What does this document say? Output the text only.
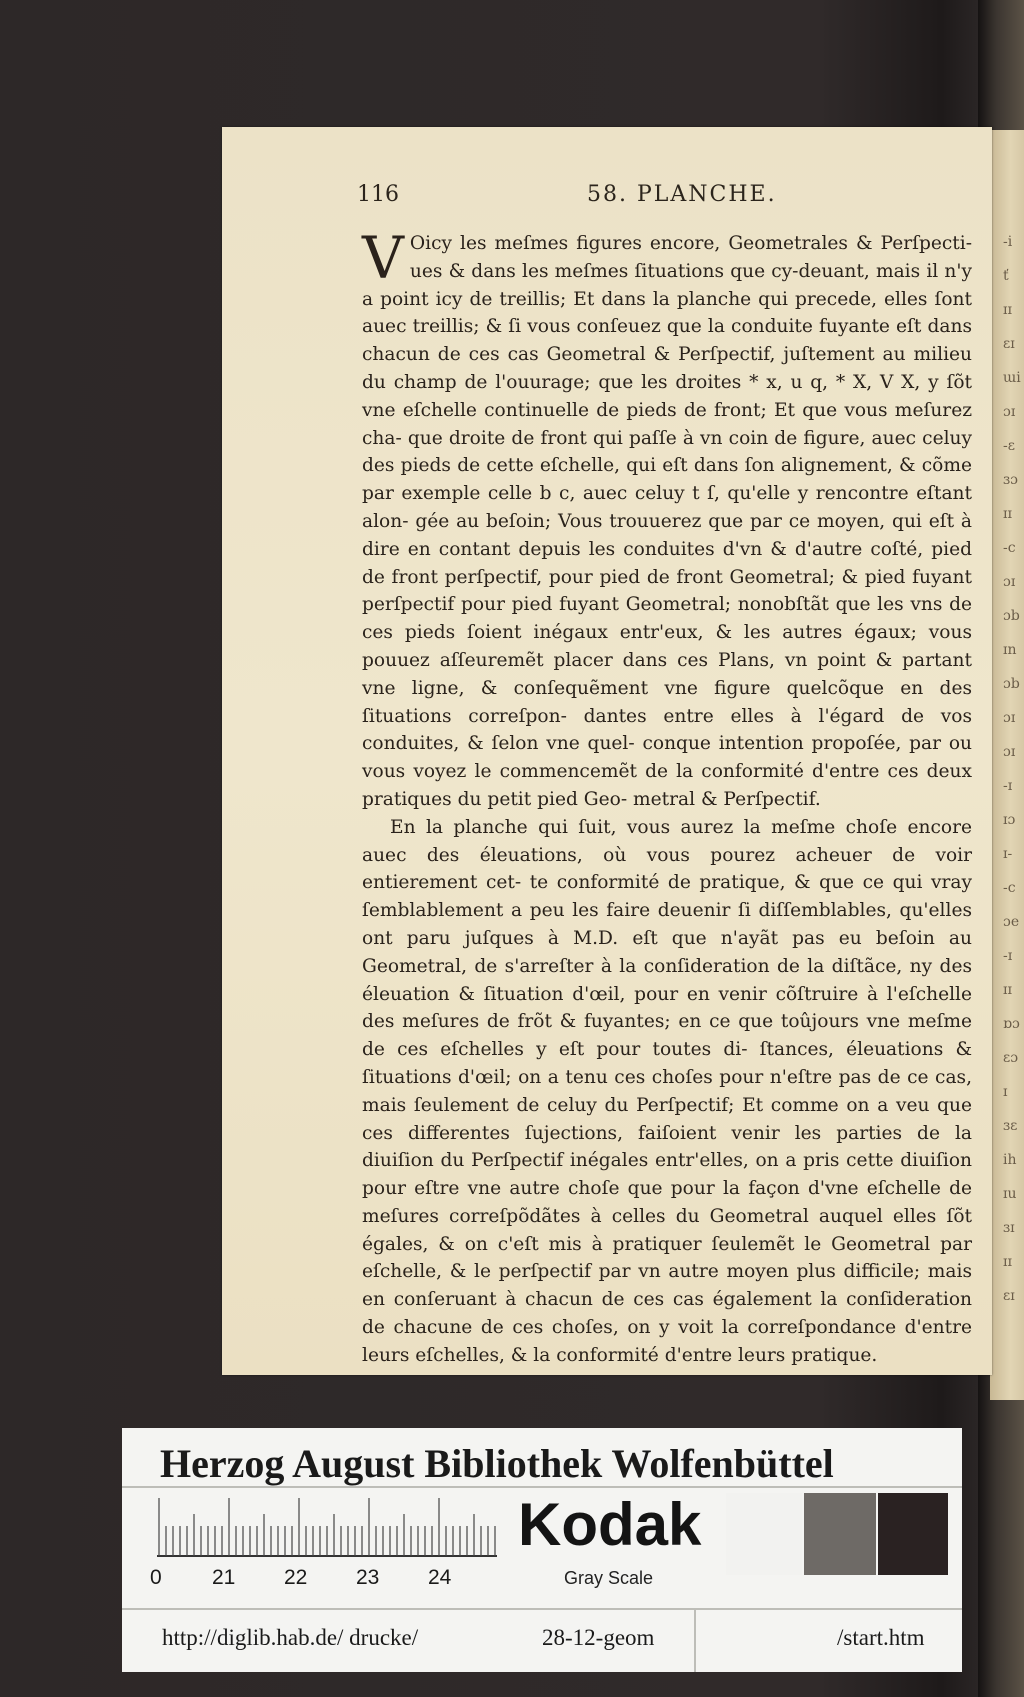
-i
ť
ɪɪ
ɛɪ
ɯi
ɔɪ
-ɛ
ɜɔ
ɪɪ
-c
ɔɪ
ɔb
ɪn
ɔb
ɔɪ
ɔɪ
-ɪ
ɪɔ
ɪ-
-c
ɔe
-ɪ
ɪɪ
ɒɔ
ɛɔ
ɪ
ɜɛ
ih
ɪu
ɜɪ
ɪɪ
ɛɪ
116	58. PLANCHE.

V Oicy les meſmes figures encore, Geometrales & Perſpecti- ues & dans les meſmes ſituations que cy-deuant, mais il n'y a point icy de treillis; Et dans la planche qui precede, elles ſont auec treillis; & ſi vous conſeuez que la conduite fuyante eſt dans chacun de ces cas Geometral & Perſpectif, juſtement au milieu du champ de l'ouurage; que les droites * x, u q, * X, V X, y ſõt vne eſchelle continuelle de pieds de front; Et que vous meſurez cha- que droite de front qui paſſe à vn coin de figure, auec celuy des pieds de cette eſchelle, qui eſt dans ſon alignement, & cõme par exemple celle b c, auec celuy t ſ, qu'elle y rencontre eſtant alon- gée au beſoin; Vous trouuerez que par ce moyen, qui eſt à dire en contant depuis les conduites d'vn & d'autre coſté, pied de front perſpectif, pour pied de front Geometral; & pied fuyant perſpectif pour pied fuyant Geometral; nonobſtãt que les vns de ces pieds ſoient inégaux entr'eux, & les autres égaux; vous pouuez aſſeuremẽt placer dans ces Plans, vn point & partant vne ligne, & conſequẽment vne figure quelcõque en des ſituations correſpon- dantes entre elles à l'égard de vos conduites, & ſelon vne quel- conque intention propoſée, par ou vous voyez le commencemẽt de la conformité d'entre ces deux pratiques du petit pied Geo- metral & Perſpectif.

En la planche qui ſuit, vous aurez la meſme choſe encore auec des éleuations, où vous pourez acheuer de voir entierement cet- te conformité de pratique, & que ce qui vray ſemblablement a peu les faire deuenir ſi diſſemblables, qu'elles ont paru juſques à M.D. eſt que n'ayãt pas eu beſoin au Geometral, de s'arreſter à la conſideration de la diſtãce, ny des éleuation & ſituation d'œil, pour en venir cõſtruire à l'eſchelle des meſures de frõt & fuyantes; en ce que toûjours vne meſme de ces eſchelles y eſt pour toutes di- ſtances, éleuations & ſituations d'œil; on a tenu ces choſes pour n'eſtre pas de ce cas, mais ſeulement de celuy du Perſpectif; Et comme on a veu que ces differentes ſujections, faiſoient venir les parties de la diuiſion du Perſpectif inégales entr'elles, on a pris cette diuiſion pour eſtre vne autre choſe que pour la façon d'vne eſchelle de meſures correſpõdãtes à celles du Geometral auquel elles ſõt égales, & on c'eſt mis à pratiquer ſeulemẽt le Geometral par eſchelle, & le perſpectif par vn autre moyen plus difficile; mais en conſeruant à chacun de ces cas également la conſideration de chacune de ces choſes, on y voit la correſpondance d'entre leurs eſchelles, & la conformité d'entre leurs pratique.

Herzog August Bibliothek Wolfenbüttel
0 21 22 23 24
Kodak
Gray Scale
http://diglib.hab.de/ drucke/	28-12-geom	/start.htm
